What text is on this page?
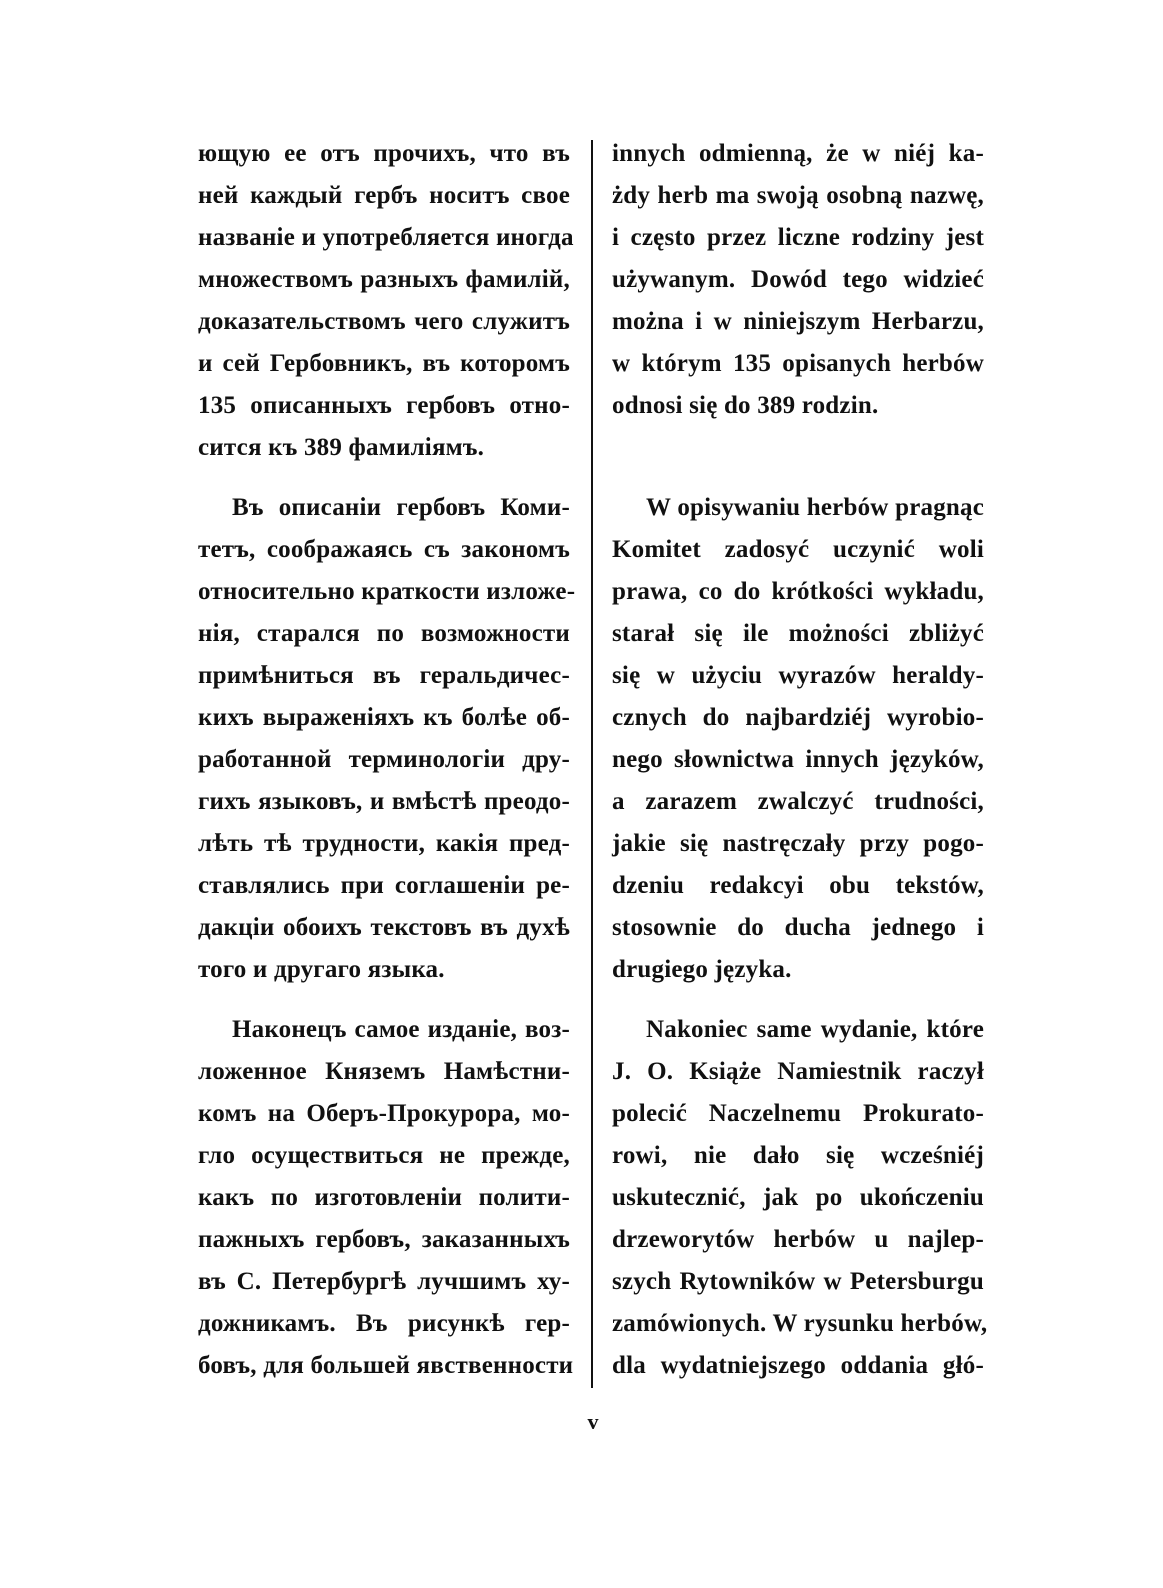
ющую ее отъ прочихъ, что въ
ней каждый гербъ носитъ свое
названіе и употребляется иногда
множествомъ разныхъ фамилій,
доказательствомъ чего служитъ
и сей Гербовникъ, въ которомъ
135 описанныхъ гербовъ отно-
сится къ 389 фамиліямъ.
Въ описаніи гербовъ Коми-
тетъ, соображаясь съ закономъ
относительно краткости изложе-
нія, старался по возможности
примѣниться въ геральдичес-
кихъ выраженіяхъ къ болѣе об-
работанной терминологіи дру-
гихъ языковъ, и вмѣстѣ преодо-
лѣть тѣ трудности, какія пред-
ставлялись при соглашеніи ре-
дакціи обоихъ текстовъ въ духѣ
того и другаго языка.
Наконецъ самое изданіе, воз-
ложенное Княземъ Намѣстни-
комъ на Оберъ-Прокурора, мо-
гло осуществиться не прежде,
какъ по изготовленіи полити-
пажныхъ гербовъ, заказанныхъ
въ С. Петербургѣ лучшимъ ху-
дожникамъ. Въ рисункѣ гер-
бовъ, для большей явственности
innych odmienną, że w niéj ka-
żdy herb ma swoją osobną nazwę,
i często przez liczne rodziny jest
używanym. Dowód tego widzieć
można i w niniejszym Herbarzu,
w którym 135 opisanych herbów
odnosi się do 389 rodzin.
W opisywaniu herbów pragnąc
Komitet zadosyć uczynić woli
prawa, co do krótkości wykładu,
starał się ile możności zbliżyć
się w użyciu wyrazów heraldy-
cznych do najbardziéj wyrobio-
nego słownictwa innych języków,
a zarazem zwalczyć trudności,
jakie się nastręczały przy pogo-
dzeniu redakcyi obu tekstów,
stosownie do ducha jednego i
drugiego języka.
Nakoniec same wydanie, które
J. O. Książe Namiestnik raczył
polecić Naczelnemu Prokurato-
rowi, nie dało się wcześniéj
uskutecznić, jak po ukończeniu
drzeworytów herbów u najlep-
szych Rytowników w Petersburgu
zamówionych. W rysunku herbów,
dla wydatniejszego oddania głó-
v
